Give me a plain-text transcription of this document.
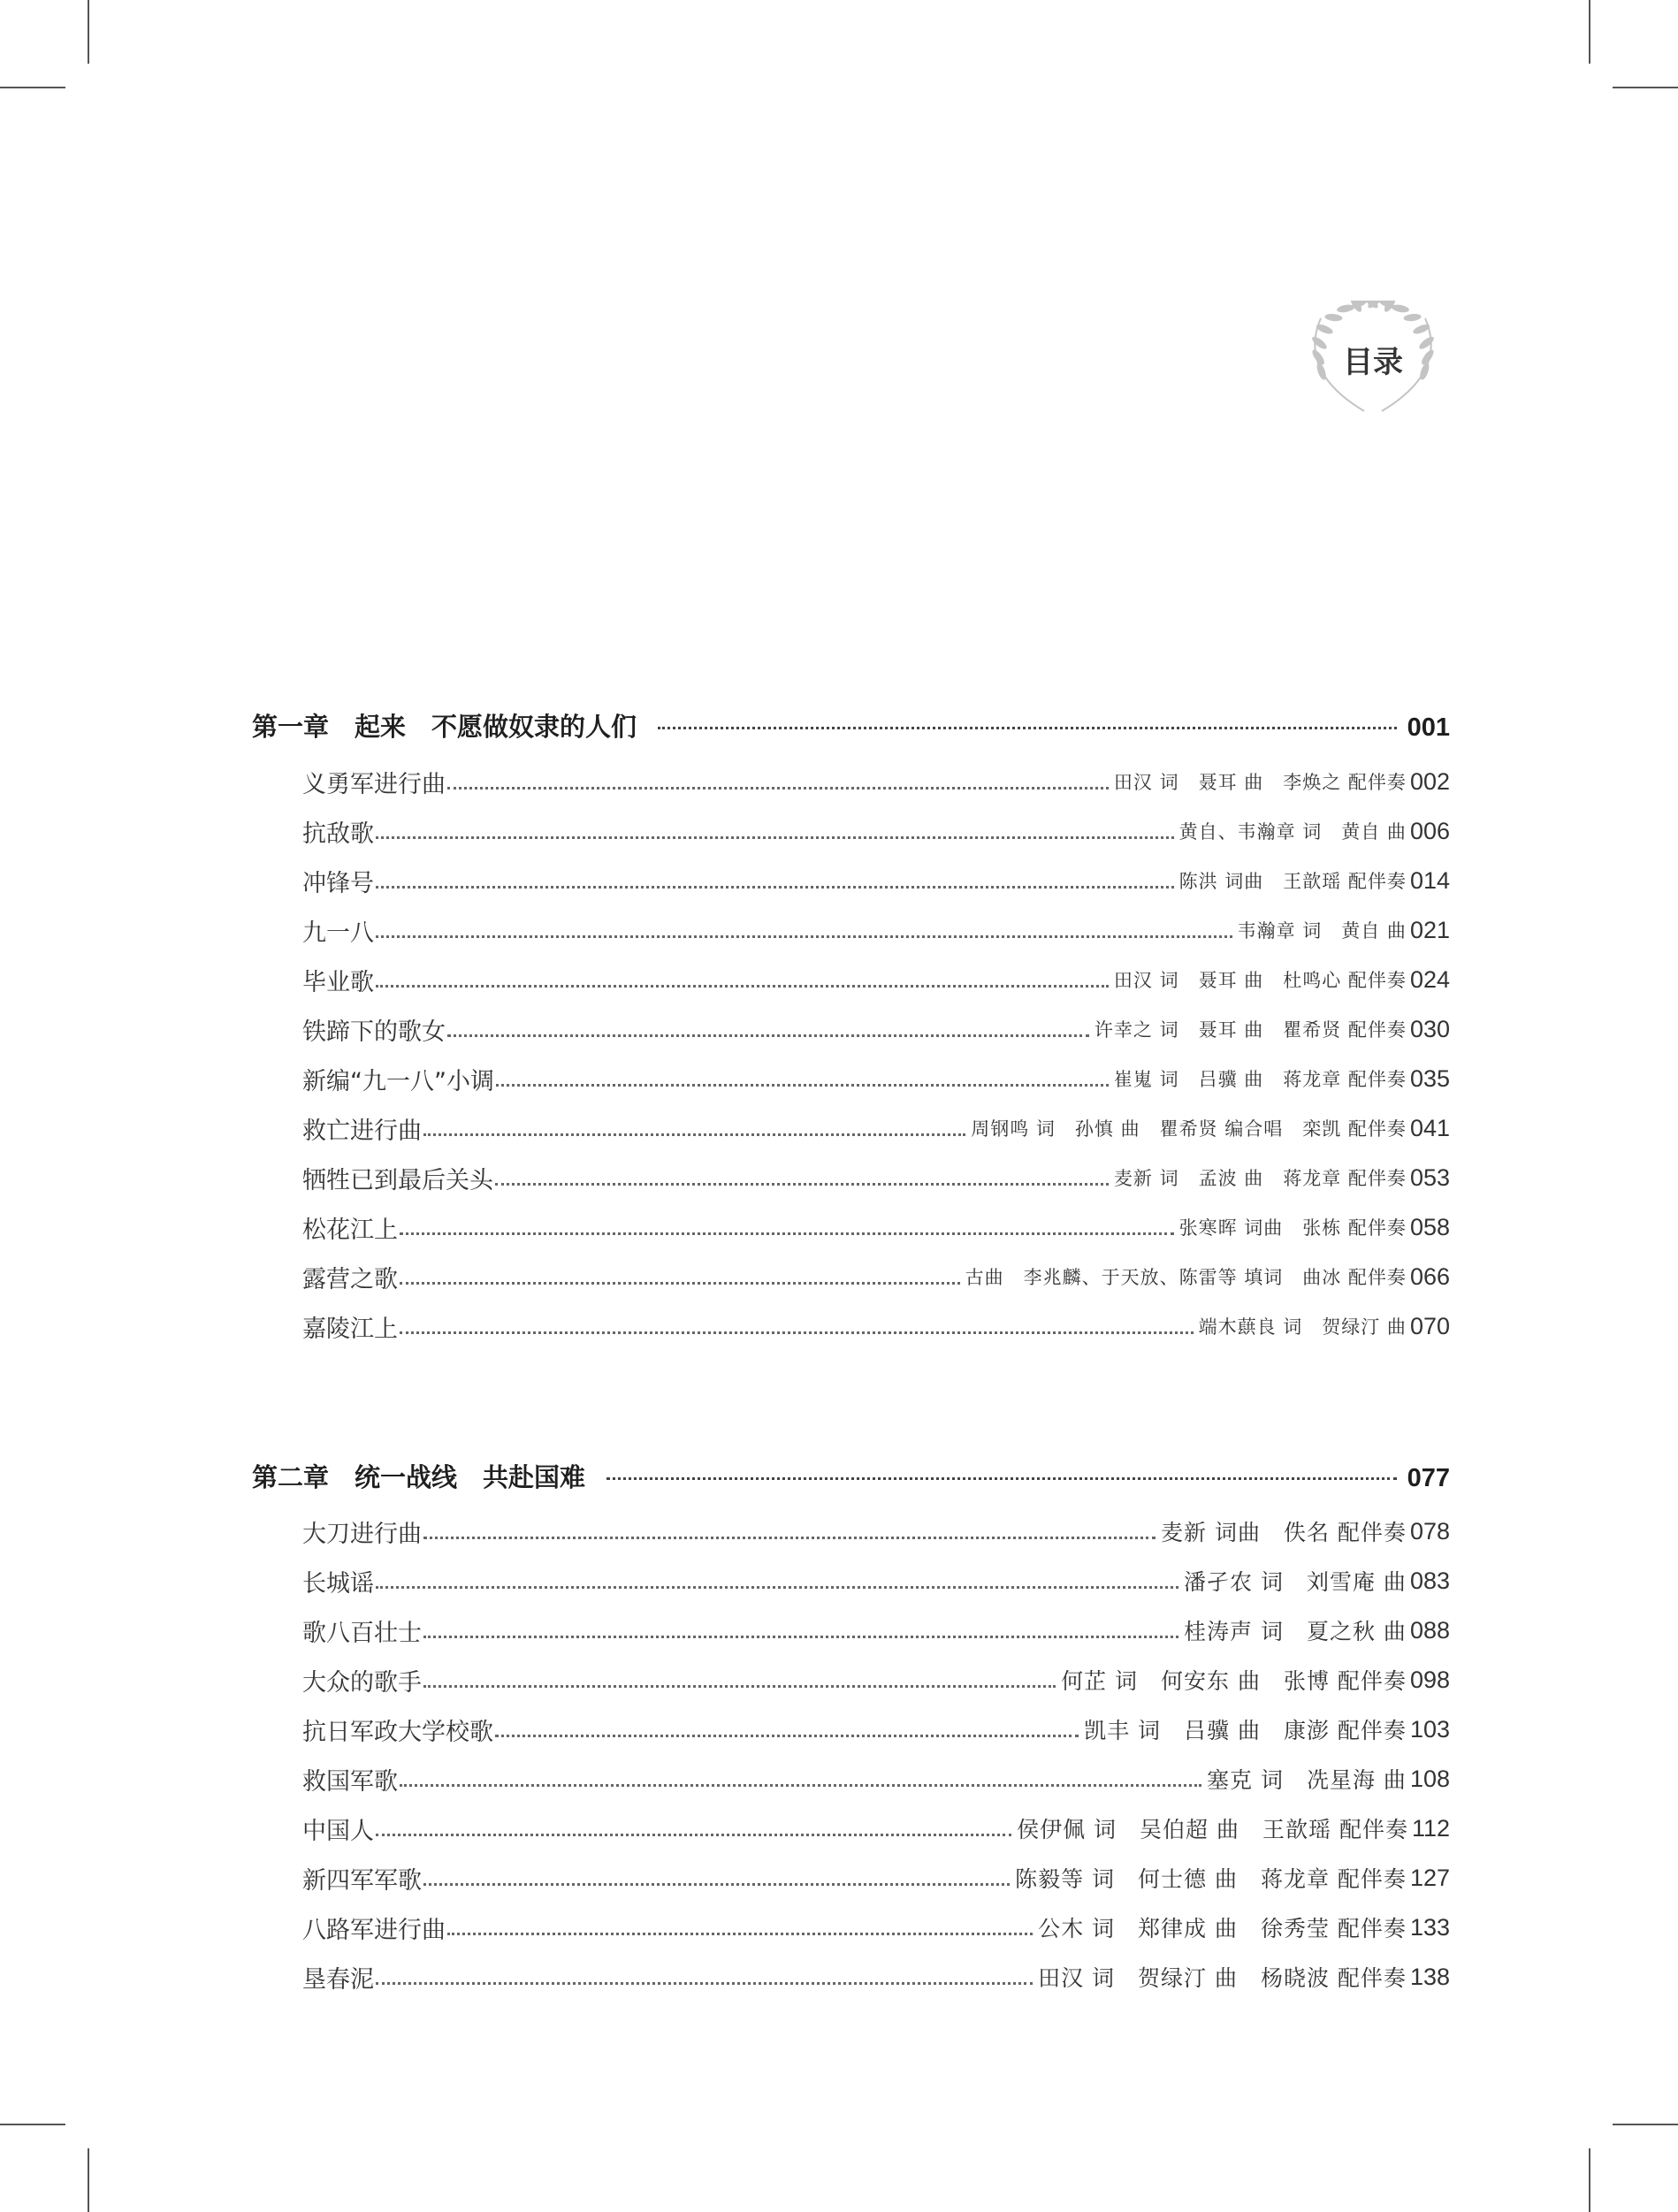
目录
第一章　起来　不愿做奴隶的人们	001
义勇军进行曲	田汉 词　聂耳 曲　李焕之 配伴奏 002
抗敌歌	黄自、韦瀚章 词　黄自 曲 006
冲锋号	陈洪 词曲　王歆瑶 配伴奏 014
九一八	韦瀚章 词　黄自 曲 021
毕业歌	田汉 词　聂耳 曲　杜鸣心 配伴奏 024
铁蹄下的歌女	许幸之 词　聂耳 曲　瞿希贤 配伴奏 030
新编“九一八”小调	崔嵬 词　吕骥 曲　蒋龙章 配伴奏 035
救亡进行曲	周钢鸣 词　孙慎 曲　瞿希贤 编合唱　栾凯 配伴奏 041
牺牲已到最后关头	麦新 词　孟波 曲　蒋龙章 配伴奏 053
松花江上	张寒晖 词曲　张栋 配伴奏 058
露营之歌	古曲　李兆麟、于天放、陈雷等 填词　曲冰 配伴奏 066
嘉陵江上	端木蕻良 词　贺绿汀 曲 070
第二章　统一战线　共赴国难	077
大刀进行曲	麦新 词曲　佚名 配伴奏 078
长城谣	潘孑农 词　刘雪庵 曲 083
歌八百壮士	桂涛声 词　夏之秋 曲 088
大众的歌手	何芷 词　何安东 曲　张博 配伴奏 098
抗日军政大学校歌	凯丰 词　吕骥 曲　康澎 配伴奏 103
救国军歌	塞克 词　冼星海 曲 108
中国人	侯伊佩 词　吴伯超 曲　王歆瑶 配伴奏 112
新四军军歌	陈毅等 词　何士德 曲　蒋龙章 配伴奏 127
八路军进行曲	公木 词　郑律成 曲　徐秀莹 配伴奏 133
垦春泥	田汉 词　贺绿汀 曲　杨晓波 配伴奏 138
